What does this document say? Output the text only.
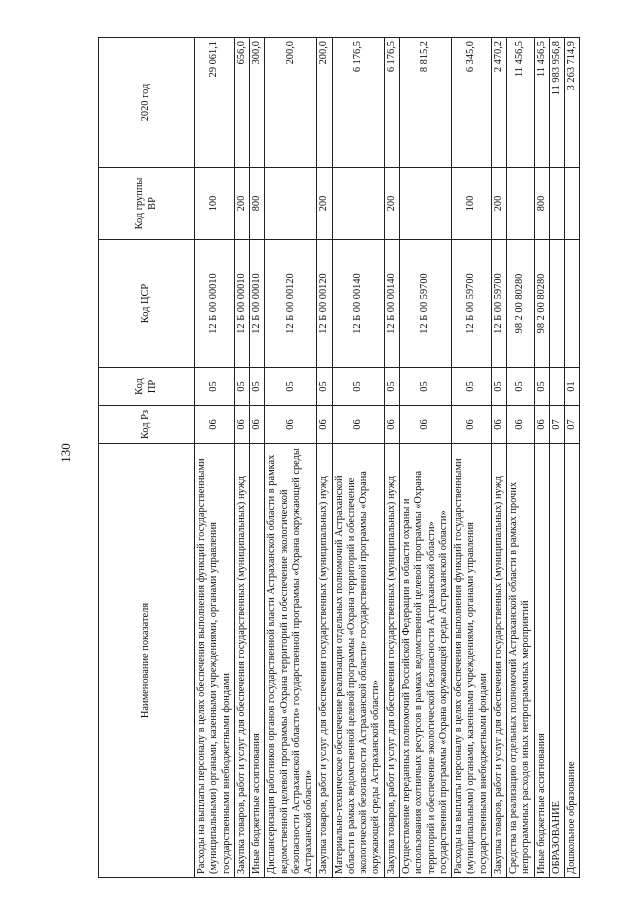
130
Наименование показателя	Код Рз	Код ПР	Код ЦСР	Код группы ВР	2020 год
Расходы на выплаты персоналу в целях обеспечения выполнения функций государственными (муниципальными) органами, казенными учреждениями, органами управления государственными внебюджетными фондами	06	05	12 Б 00 00010	100	29 061,1
Закупка товаров, работ и услуг для обеспечения государственных (муниципальных) нужд	06	05	12 Б 00 00010	200	656,0
Иные бюджетные ассигнования	06	05	12 Б 00 00010	800	300,0
Диспансеризация работников органов государственной власти Астраханской области в рамках ведомственной целевой программы «Охрана территорий и обеспечение экологической безопасности Астраханской области» государственной программы «Охрана окружающей среды Астраханской области»	06	05	12 Б 00 00120		200,0
Закупка товаров, работ и услуг для обеспечения государственных (муниципальных) нужд	06	05	12 Б 00 00120	200	200,0
Материально-техническое обеспечение реализации отдельных полномочий Астраханской области в рамках ведомственной целевой программы «Охрана территорий и обеспечение экологической безопасности Астраханской области» государственной программы «Охрана окружающей среды Астраханской области»	06	05	12 Б 00 00140		6 176,5
Закупка товаров, работ и услуг для обеспечения государственных (муниципальных) нужд	06	05	12 Б 00 00140	200	6 176,5
Осуществление переданных полномочий Российской Федерации в области охраны и использования охотничьих ресурсов в рамках ведомственной целевой программы «Охрана территорий и обеспечение экологической безопасности Астраханской области» государственной программы «Охрана окружающей среды Астраханской области»	06	05	12 Б 00 59700		8 815,2
Расходы на выплаты персоналу в целях обеспечения выполнения функций государственными (муниципальными) органами, казенными учреждениями, органами управления государственными внебюджетными фондами	06	05	12 Б 00 59700	100	6 345,0
Закупка товаров, работ и услуг для обеспечения государственных (муниципальных) нужд	06	05	12 Б 00 59700	200	2 470,2
Средства на реализацию отдельных полномочий Астраханской области в рамках прочих непрограммных расходов иных непрограммных мероприятий	06	05	98 2 00 80280		11 456,5
Иные бюджетные ассигнования	06	05	98 2 00 80280	800	11 456,5
ОБРАЗОВАНИЕ	07				11 983 956,8
Дошкольное образование	07	01			3 263 714,9
